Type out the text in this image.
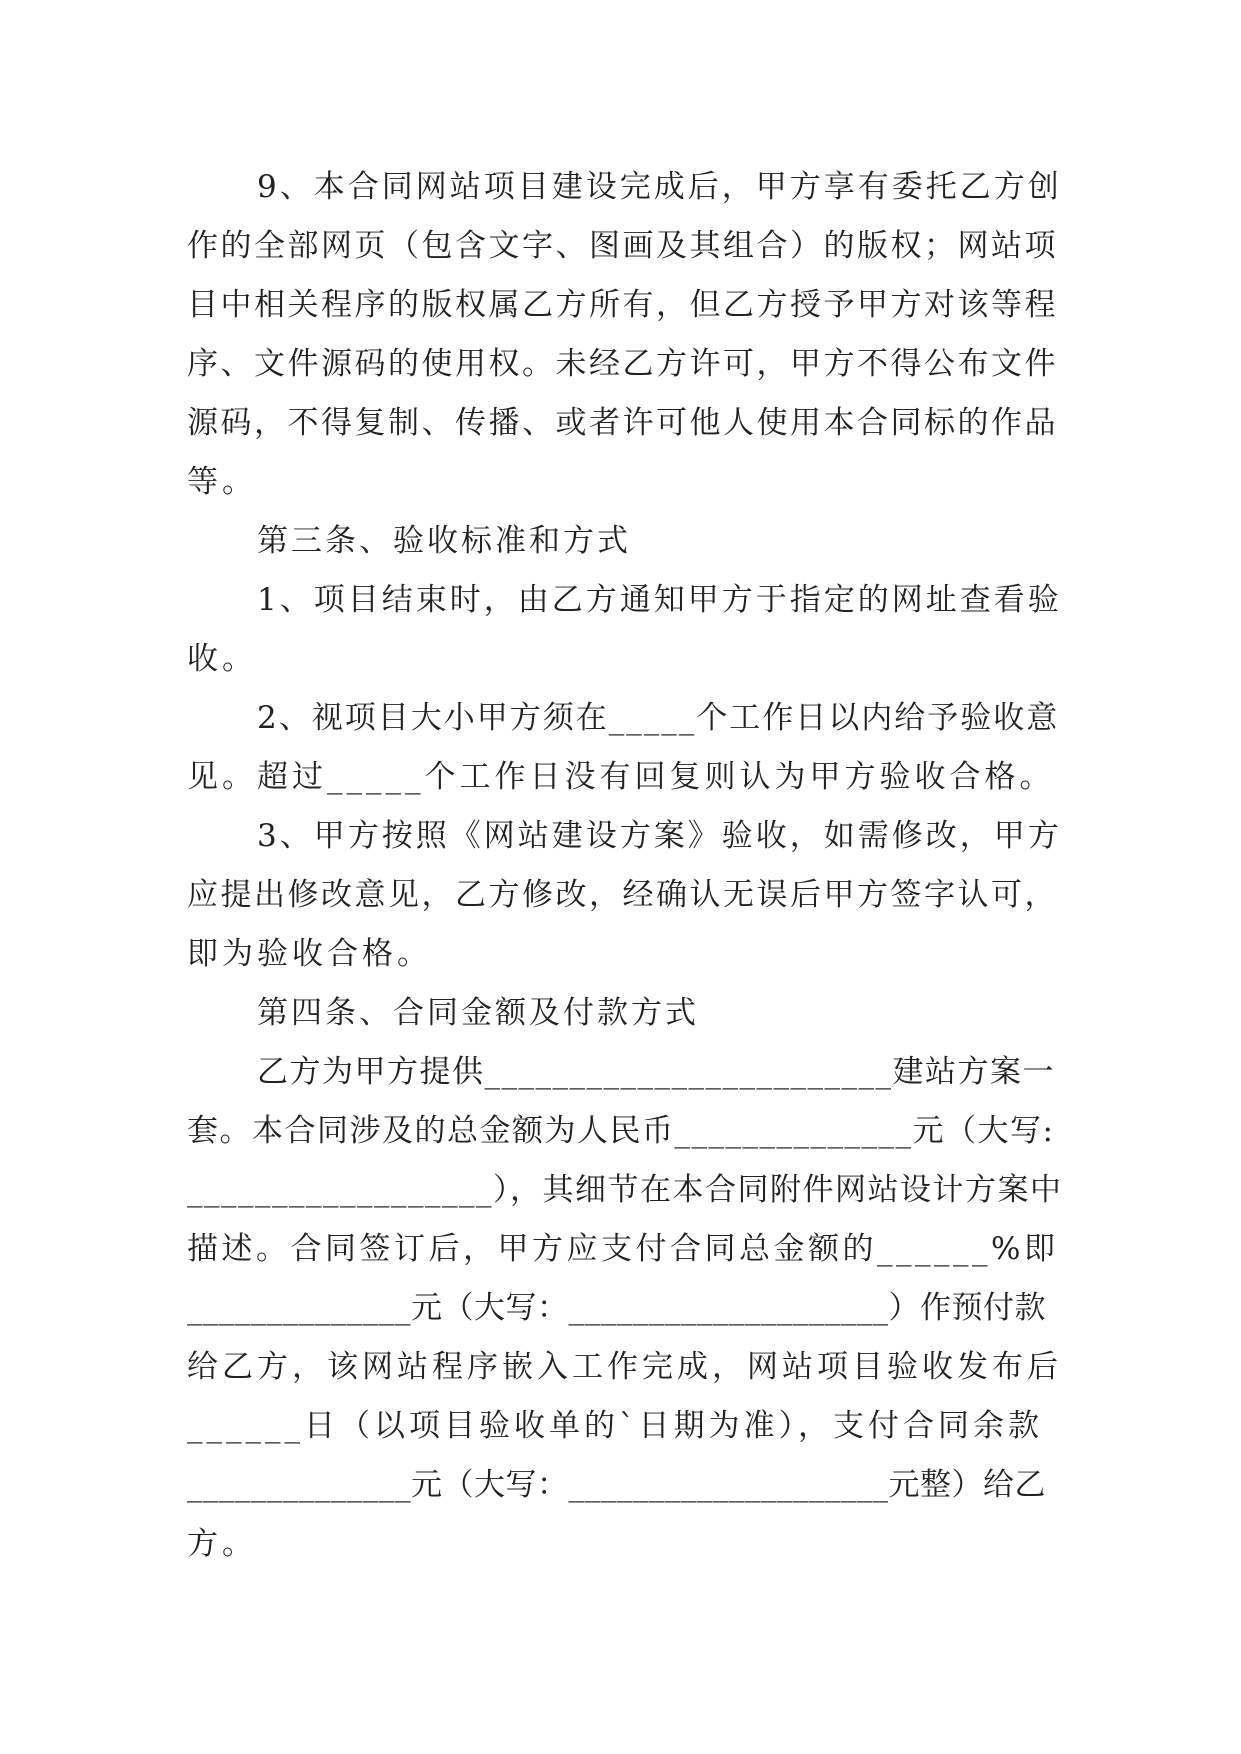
9、本合同网站项目建设完成后，甲方享有委托乙方创
作的全部网页（包含文字、图画及其组合）的版权；网站项
目中相关程序的版权属乙方所有，但乙方授予甲方对该等程
序、文件源码的使用权。未经乙方许可，甲方不得公布文件
源码，不得复制、传播、或者许可他人使用本合同标的作品
等。
第三条、验收标准和方式
1、项目结束时，由乙方通知甲方于指定的网址查看验
收。
2、视项目大小甲方须在_____个工作日以内给予验收意
见。超过_____个工作日没有回复则认为甲方验收合格。
3、甲方按照《网站建设方案》验收，如需修改，甲方
应提出修改意见，乙方修改，经确认无误后甲方签字认可，
即为验收合格。
第四条、合同金额及付款方式
乙方为甲方提供________________________建站方案一
套。本合同涉及的总金额为人民币______________元（大写:
__________________），其细节在本合同附件网站设计方案中
描述。合同签订后，甲方应支付合同总金额的______%即
______________元（大写：____________________）作预付款
给乙方，该网站程序嵌入工作完成，网站项目验收发布后
______日（以项目验收单的`日期为准），支付合同余款
______________元（大写：____________________元整）给乙
方。
